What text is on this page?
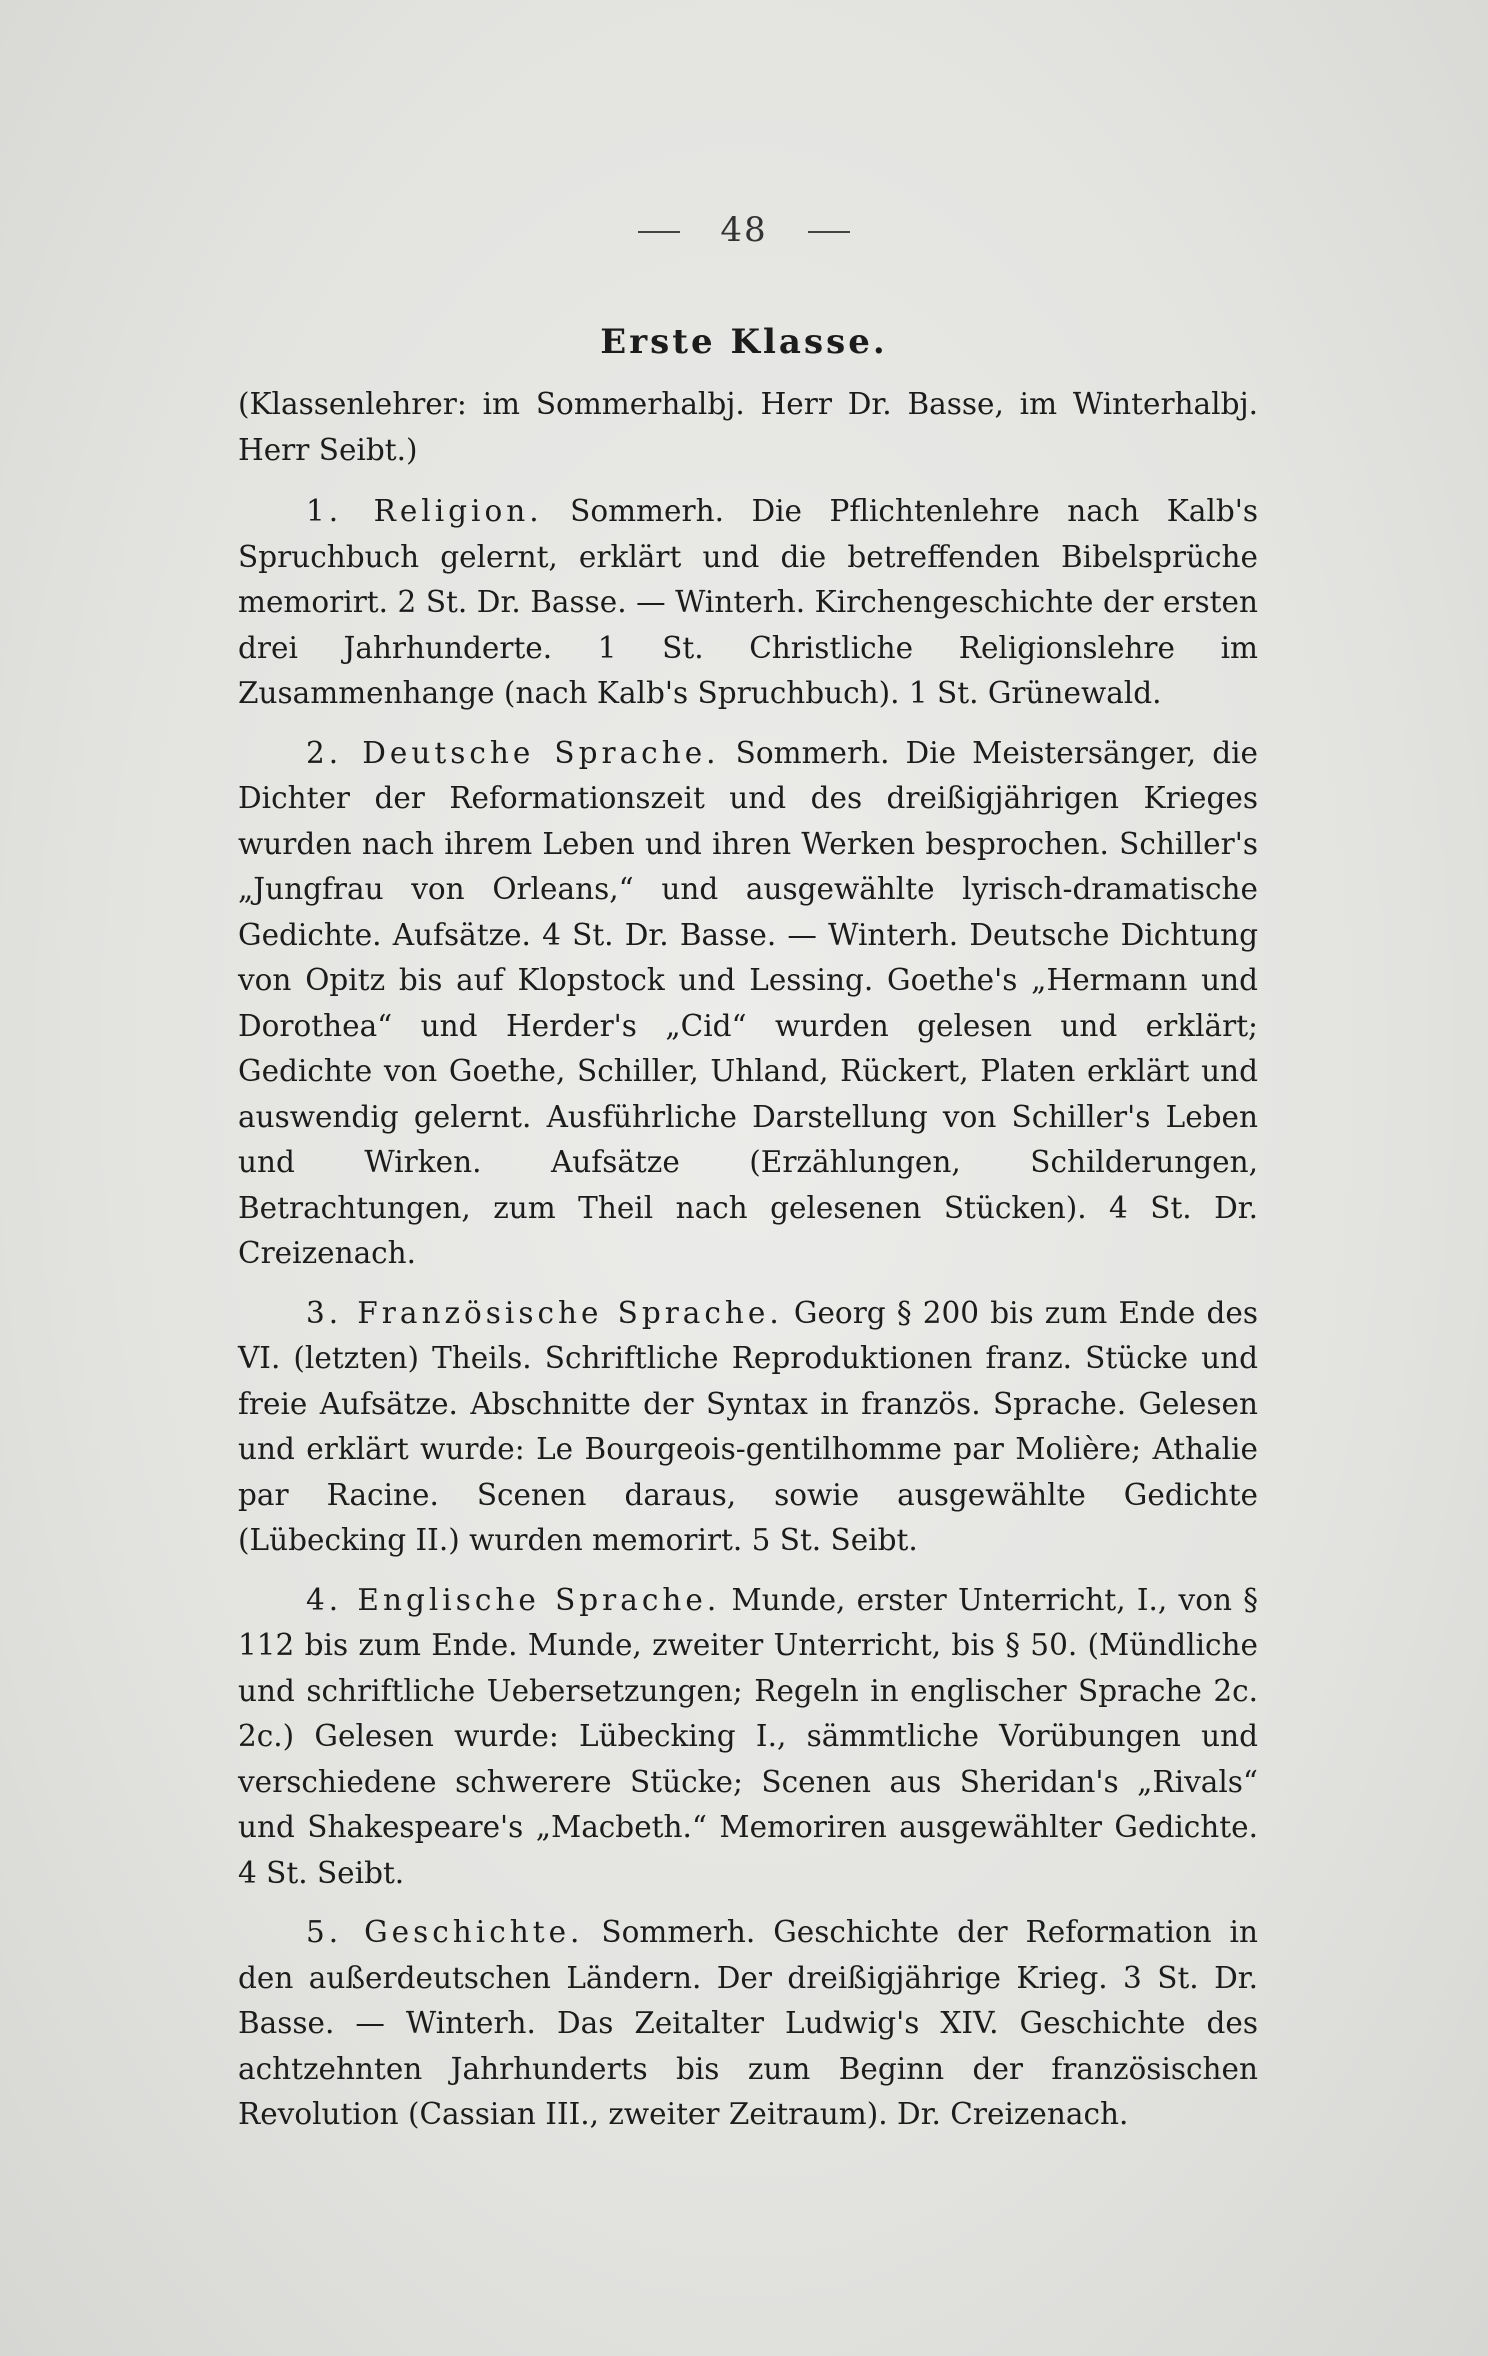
48
Erste Klasse.

(Klassenlehrer: im Sommerhalbj. Herr Dr. Basse, im Winterhalbj. Herr Seibt.)

1. Religion. Sommerh. Die Pflichtenlehre nach Kalb's Spruchbuch gelernt, erklärt und die betreffenden Bibelsprüche memorirt. 2 St. Dr. Basse. — Winterh. Kirchengeschichte der ersten drei Jahrhunderte. 1 St. Christliche Religionslehre im Zusammenhange (nach Kalb's Spruchbuch). 1 St. Grünewald.

2. Deutsche Sprache. Sommerh. Die Meistersänger, die Dichter der Reformationszeit und des dreißigjährigen Krieges wurden nach ihrem Leben und ihren Werken besprochen. Schiller's „Jungfrau von Orleans,“ und ausgewählte lyrisch-dramatische Gedichte. Aufsätze. 4 St. Dr. Basse. — Winterh. Deutsche Dichtung von Opitz bis auf Klopstock und Lessing. Goethe's „Hermann und Dorothea“ und Herder's „Cid“ wurden gelesen und erklärt; Gedichte von Goethe, Schiller, Uhland, Rückert, Platen erklärt und auswendig gelernt. Ausführliche Darstellung von Schiller's Leben und Wirken. Aufsätze (Erzählungen, Schilderungen, Betrachtungen, zum Theil nach gelesenen Stücken). 4 St. Dr. Creizenach.

3. Französische Sprache. Georg § 200 bis zum Ende des VI. (letzten) Theils. Schriftliche Reproduktionen franz. Stücke und freie Aufsätze. Abschnitte der Syntax in französ. Sprache. Gelesen und erklärt wurde: Le Bourgeois-gentilhomme par Molière; Athalie par Racine. Scenen daraus, sowie ausgewählte Gedichte (Lübecking II.) wurden memorirt. 5 St. Seibt.

4. Englische Sprache. Munde, erster Unterricht, I., von § 112 bis zum Ende. Munde, zweiter Unterricht, bis § 50. (Mündliche und schriftliche Uebersetzungen; Regeln in englischer Sprache 2c. 2c.) Gelesen wurde: Lübecking I., sämmtliche Vorübungen und verschiedene schwerere Stücke; Scenen aus Sheridan's „Rivals“ und Shakespeare's „Macbeth.“ Memoriren ausgewählter Gedichte. 4 St. Seibt.

5. Geschichte. Sommerh. Geschichte der Reformation in den außerdeutschen Ländern. Der dreißigjährige Krieg. 3 St. Dr. Basse. — Winterh. Das Zeitalter Ludwig's XIV. Geschichte des achtzehnten Jahrhunderts bis zum Beginn der französischen Revolution (Cassian III., zweiter Zeitraum). Dr. Creizenach.
